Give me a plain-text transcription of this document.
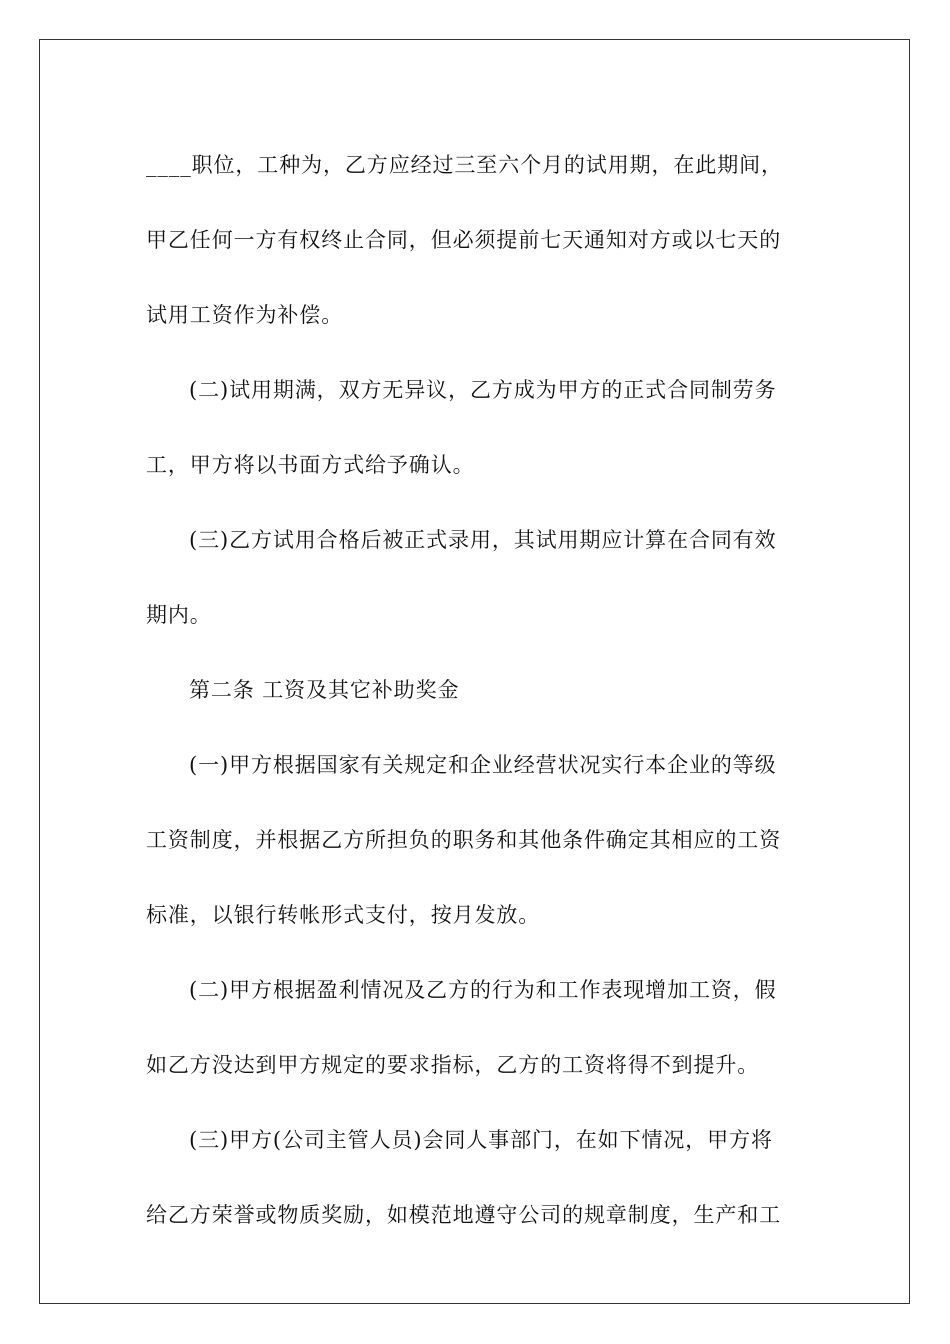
____职位，工种为，乙方应经过三至六个月的试用期，在此期间，甲乙任何一方有权终止合同，但必须提前七天通知对方或以七天的试用工资作为补偿。

(二)试用期满，双方无异议，乙方成为甲方的正式合同制劳务工，甲方将以书面方式给予确认。

(三)乙方试用合格后被正式录用，其试用期应计算在合同有效期内。

第二条 工资及其它补助奖金

(一)甲方根据国家有关规定和企业经营状况实行本企业的等级工资制度，并根据乙方所担负的职务和其他条件确定其相应的工资标准，以银行转帐形式支付，按月发放。

(二)甲方根据盈利情况及乙方的行为和工作表现增加工资，假如乙方没达到甲方规定的要求指标，乙方的工资将得不到提升。

(三)甲方(公司主管人员)会同人事部门，在如下情况，甲方将给乙方荣誉或物质奖励，如模范地遵守公司的规章制度，生产和工
